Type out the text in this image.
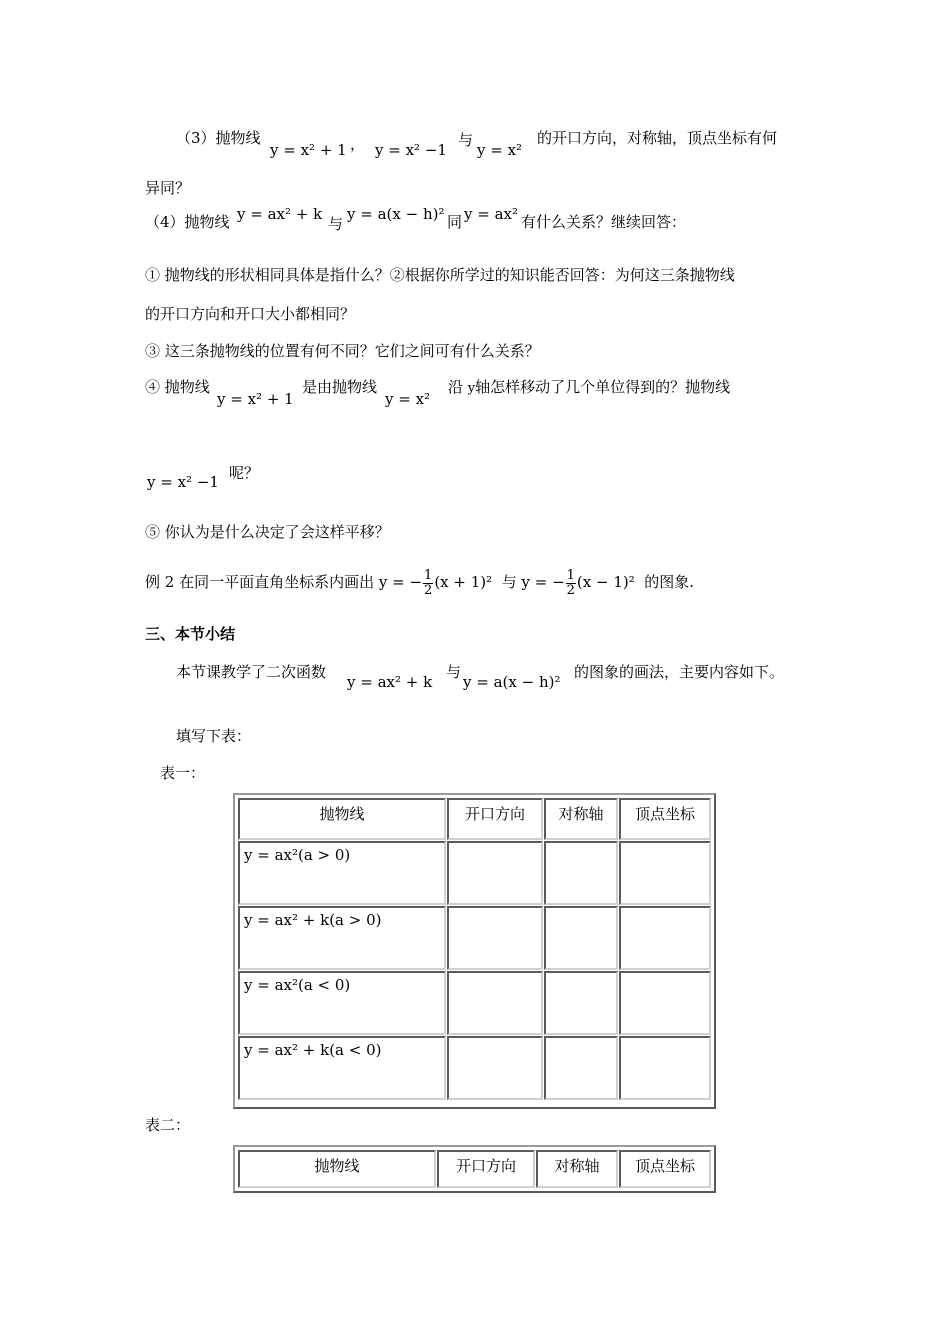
（3）抛物线
y = x² + 1 ， y = x² −1
与
y = x²
的开口方向，对称轴，顶点坐标有何
异同？
（4）抛物线 y = ax² + k
与
y = a(x − h)² 同 y = ax² 有什么关系？继续回答：
① 抛物线的形状相同具体是指什么？②根据你所学过的知识能否回答：为何这三条抛物线
的开口方向和开口大小都相同？
③ 这三条抛物线的位置有何不同？它们之间可有什么关系？
④ 抛物线
y = x² + 1
是由抛物线
y = x²
沿 y轴怎样移动了几个单位得到的？抛物线
y = x² −1 呢？
⑤ 你认为是什么决定了会这样平移？
例 2 在同一平面直角坐标系内画出 y = − $\frac{1}{2} (x + 1)^2$ 与 y = − $\frac{1}{2} (x - 1)^2$ 的图象.
三、本节小结
本节课教学了二次函数
y = ax² + k
与
y = a(x − h)²
的图象的画法，主要内容如下。
填写下表：
表一：
抛物线	开口方向	对称轴	顶点坐标
y = ax²(a > 0)
y = ax² + k(a > 0)
y = ax²(a < 0)
y = ax² + k(a < 0)
表二：
抛物线	开口方向	对称轴	顶点坐标
